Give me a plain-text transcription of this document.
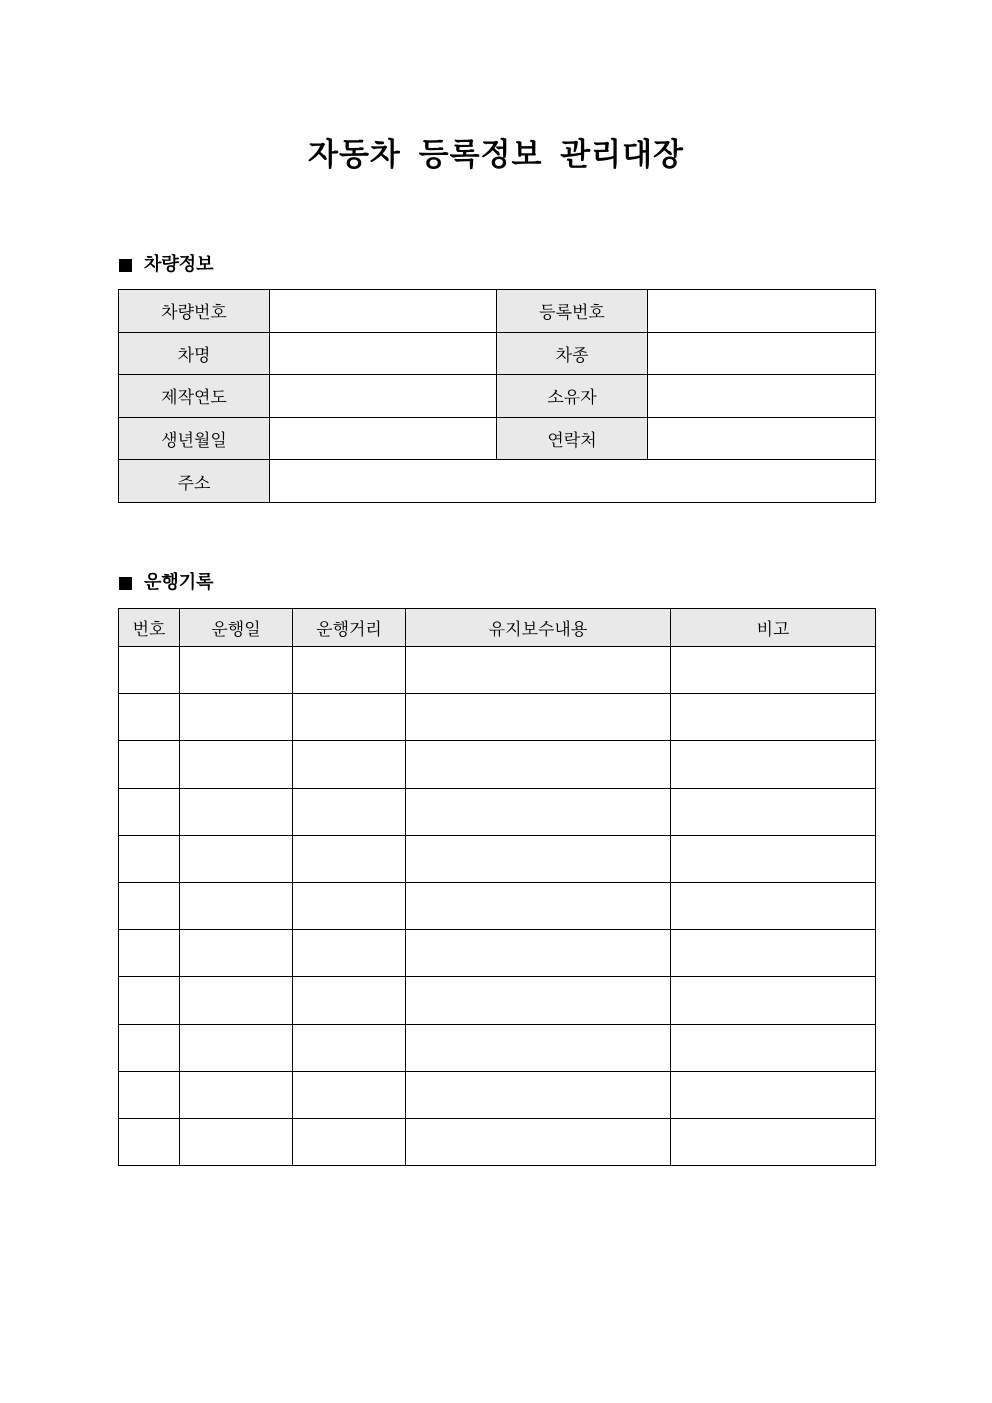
자동차 등록정보 관리대장
차량정보
차량번호		등록번호	
차명		차종	
제작연도		소유자	
생년월일		연락처	
주소			
운행기록
번호	운행일	운행거리	유지보수내용	비고
